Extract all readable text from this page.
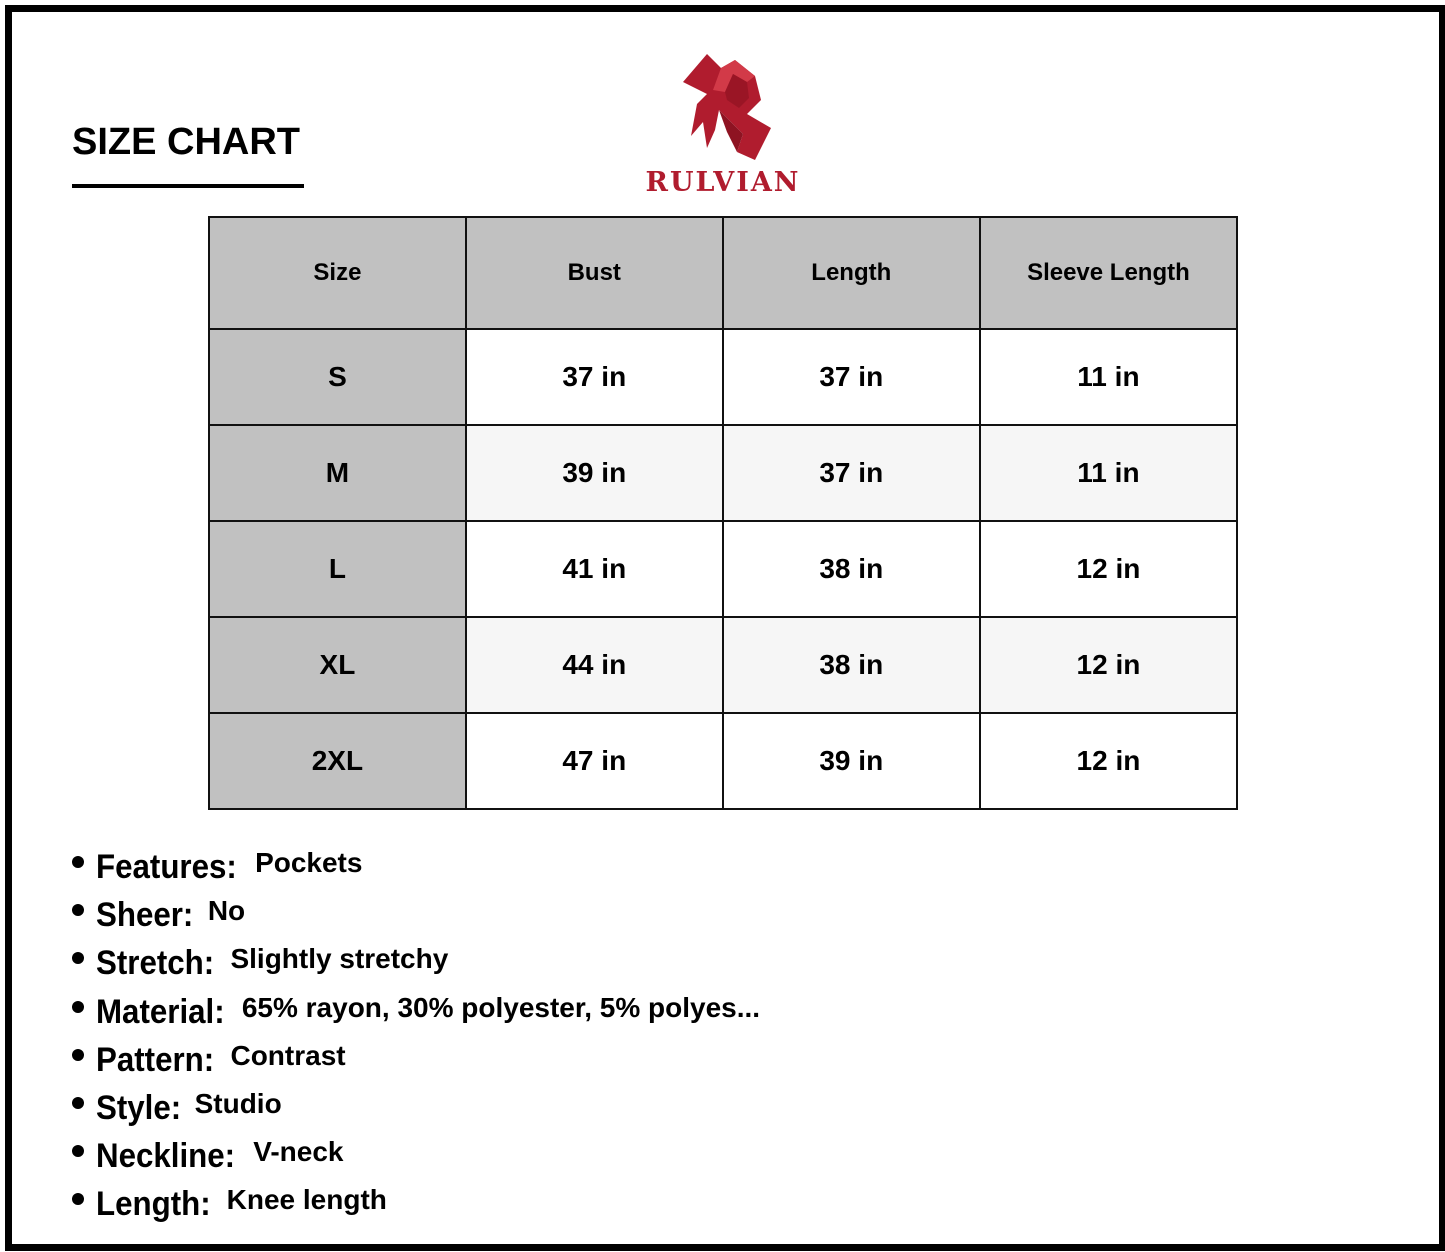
SIZE CHART
RULVIAN
Size	Bust	Length	Sleeve Length
S	37 in	37 in	11 in
M	39 in	37 in	11 in
L	41 in	38 in	12 in
XL	44 in	38 in	12 in
2XL	47 in	39 in	12 in
Features: Pockets
Sheer: No
Stretch: Slightly stretchy
Material: 65% rayon, 30% polyester, 5% polyes...
Pattern: Contrast
Style: Studio
Neckline: V-neck
Length: Knee length
